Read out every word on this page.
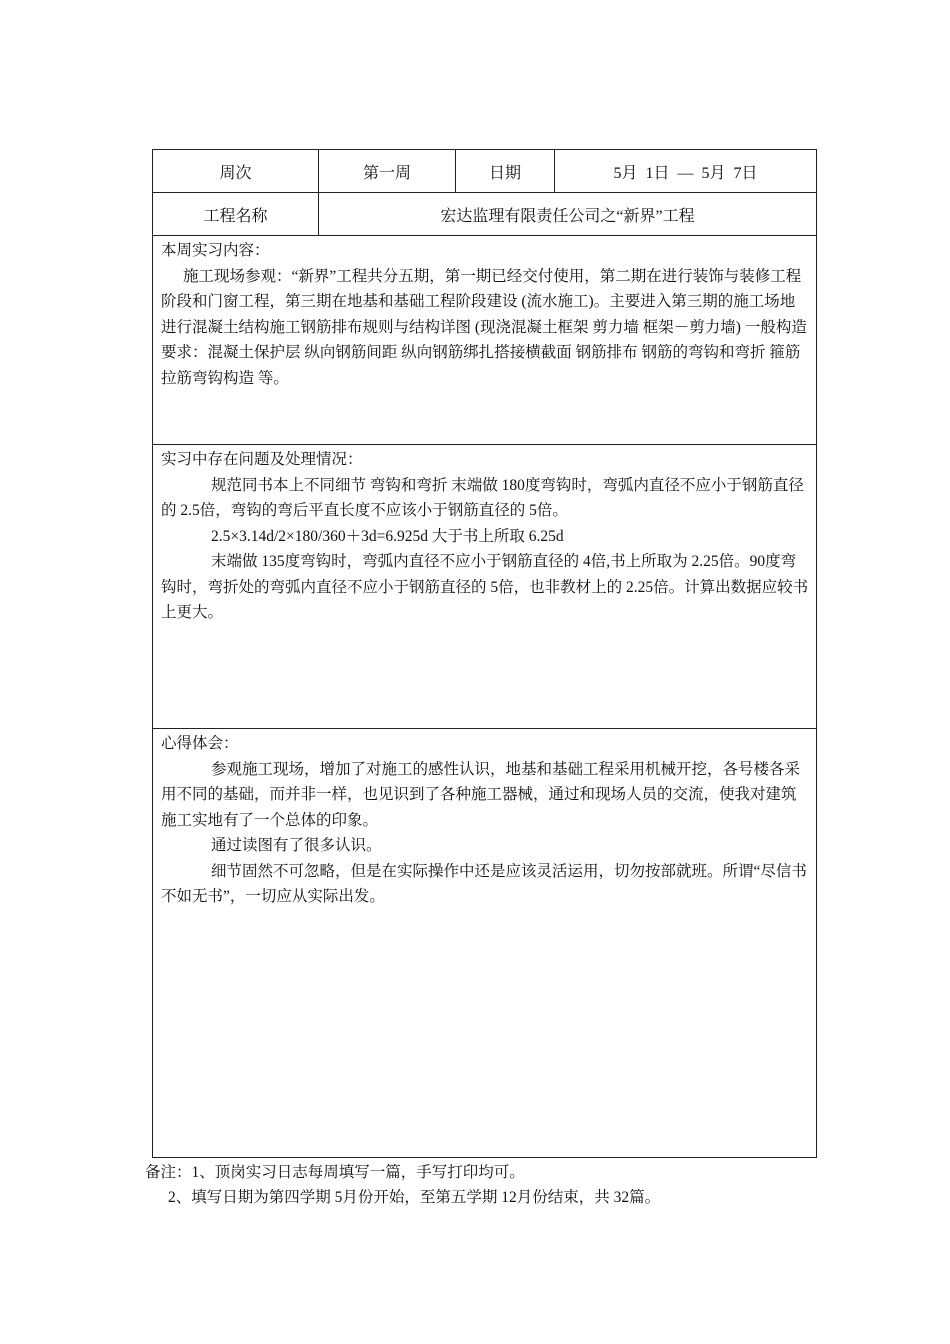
周次	第一周	日期	5月 1日 — 5月 7日
工程名称	宏达监理有限责任公司之“新界”工程

本周实习内容：

施工现场参观：“新界”工程共分五期，第一期已经交付使用，第二期在进行装饰与装修工程阶段和门窗工程，第三期在地基和基础工程阶段建设 (流水施工)。主要进入第三期的施工场地进行混凝土结构施工钢筋排布规则与结构详图 (现浇混凝土框架 剪力墙 框架－剪力墙) 一般构造要求：混凝土保护层 纵向钢筋间距 纵向钢筋绑扎搭接横截面 钢筋排布 钢筋的弯钩和弯折 箍筋 拉筋弯钩构造 等。

实习中存在问题及处理情况：

规范同书本上不同细节 弯钩和弯折 末端做 180度弯钩时，弯弧内直径不应小于钢筋直径的 2.5倍，弯钩的弯后平直长度不应该小于钢筋直径的 5倍。

2.5×3.14d/2×180/360＋3d=6.925d 大于书上所取 6.25d

末端做 135度弯钩时，弯弧内直径不应小于钢筋直径的 4倍,书上所取为 2.25倍。90度弯钩时，弯折处的弯弧内直径不应小于钢筋直径的 5倍，也非教材上的 2.25倍。计算出数据应较书上更大。

心得体会：

参观施工现场，增加了对施工的感性认识，地基和基础工程采用机械开挖，各号楼各采用不同的基础，而并非一样，也见识到了各种施工器械，通过和现场人员的交流，使我对建筑施工实地有了一个总体的印象。

通过读图有了很多认识。

细节固然不可忽略，但是在实际操作中还是应该灵活运用，切勿按部就班。所谓“尽信书不如无书”，一切应从实际出发。

备注：1、顶岗实习日志每周填写一篇，手写打印均可。
2、填写日期为第四学期 5月份开始，至第五学期 12月份结束，共 32篇。
